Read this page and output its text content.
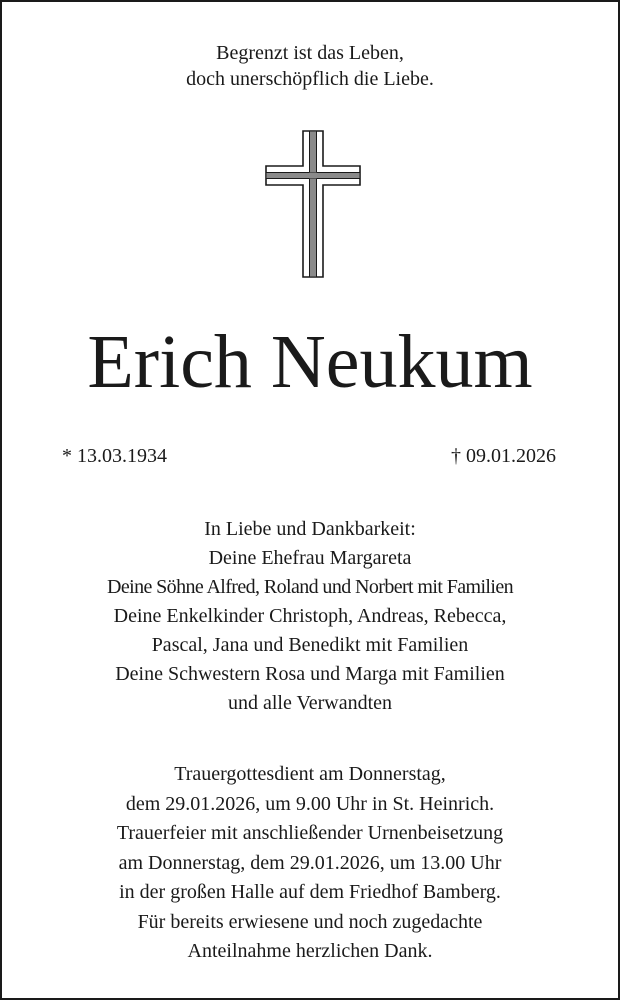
Begrenzt ist das Leben,
doch unerschöpflich die Liebe.
Erich Neukum
* 13.03.1934	† 09.01.2026
In Liebe und Dankbarkeit:
Deine Ehefrau Margareta
Deine Söhne Alfred, Roland und Norbert mit Familien
Deine Enkelkinder Christoph, Andreas, Rebecca,
Pascal, Jana und Benedikt mit Familien
Deine Schwestern Rosa und Marga mit Familien
und alle Verwandten
Trauergottesdient am Donnerstag,
dem 29.01.2026, um 9.00 Uhr in St. Heinrich.
Trauerfeier mit anschließender Urnenbeisetzung
am Donnerstag, dem 29.01.2026, um 13.00 Uhr
in der großen Halle auf dem Friedhof Bamberg.
Für bereits erwiesene und noch zugedachte
Anteilnahme herzlichen Dank.
